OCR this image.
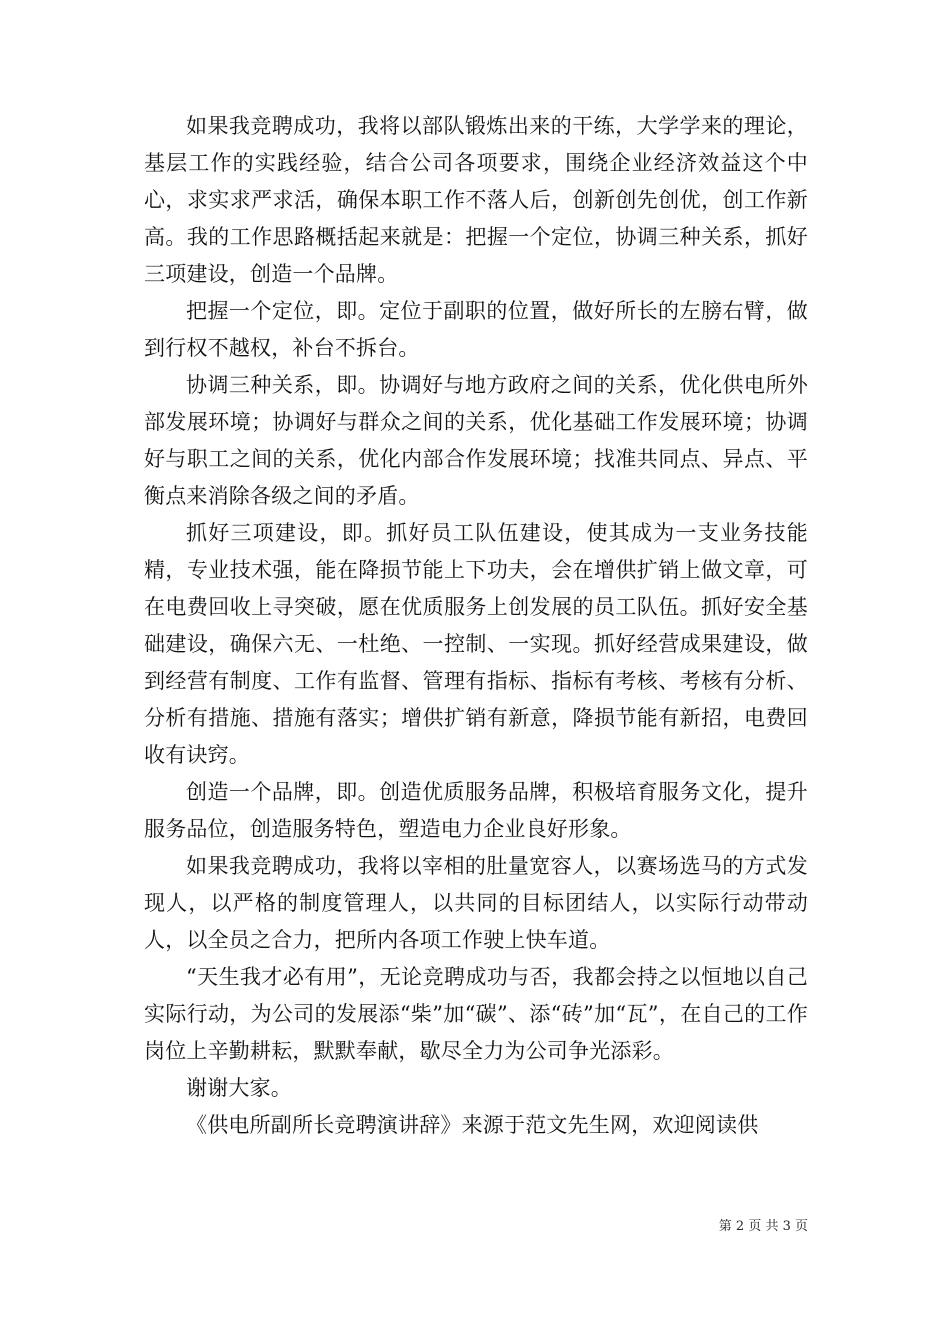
如果我竞聘成功，我将以部队锻炼出来的干练，大学学来的理论，基层工作的实践经验，结合公司各项要求，围绕企业经济效益这个中心，求实求严求活，确保本职工作不落人后，创新创先创优，创工作新高。我的工作思路概括起来就是：把握一个定位，协调三种关系，抓好三项建设，创造一个品牌。

把握一个定位，即。定位于副职的位置，做好所长的左膀右臂，做到行权不越权，补台不拆台。

协调三种关系，即。协调好与地方政府之间的关系，优化供电所外部发展环境；协调好与群众之间的关系，优化基础工作发展环境；协调好与职工之间的关系，优化内部合作发展环境；找准共同点、异点、平衡点来消除各级之间的矛盾。

抓好三项建设，即。抓好员工队伍建设，使其成为一支业务技能精，专业技术强，能在降损节能上下功夫，会在增供扩销上做文章，可在电费回收上寻突破，愿在优质服务上创发展的员工队伍。抓好安全基础建设，确保六无、一杜绝、一控制、一实现。抓好经营成果建设，做到经营有制度、工作有监督、管理有指标、指标有考核、考核有分析、分析有措施、措施有落实；增供扩销有新意，降损节能有新招，电费回收有诀窍。

创造一个品牌，即。创造优质服务品牌，积极培育服务文化，提升服务品位，创造服务特色，塑造电力企业良好形象。

如果我竞聘成功，我将以宰相的肚量宽容人，以赛场选马的方式发现人，以严格的制度管理人，以共同的目标团结人，以实际行动带动人，以全员之合力，把所内各项工作驶上快车道。

“天生我才必有用”，无论竞聘成功与否，我都会持之以恒地以自己实际行动，为公司的发展添“柴”加“碳”、添“砖”加“瓦”，在自己的工作岗位上辛勤耕耘，默默奉献，歇尽全力为公司争光添彩。

谢谢大家。

《供电所副所长竞聘演讲辞》来源于范文先生网，欢迎阅读供

第 2 页 共 3 页
